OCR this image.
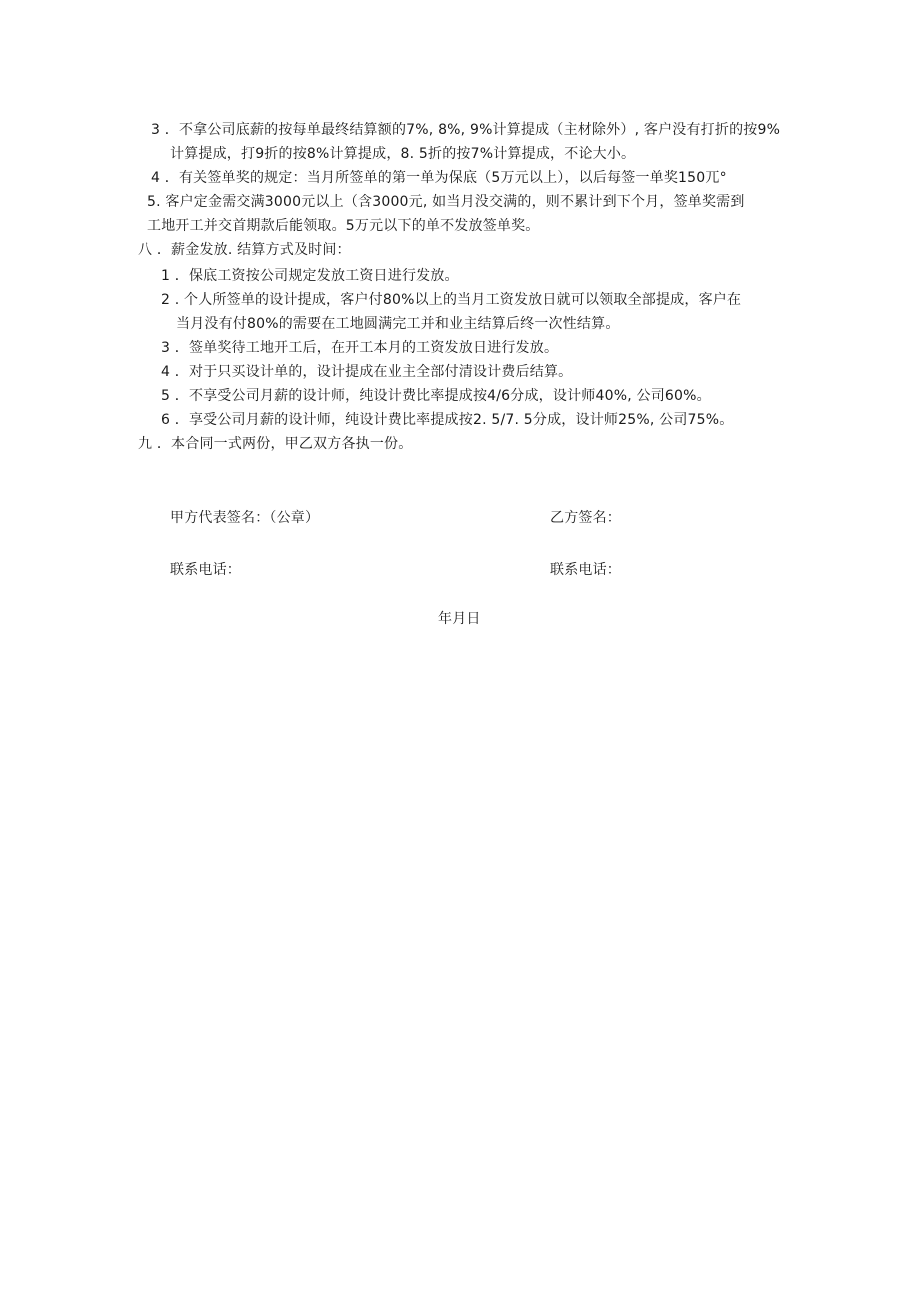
3 ．不拿公司底薪的按每单最终结算额的7%, 8%, 9%计算提成（主材除外）, 客户没有打折的按9%
计算提成，打9折的按8%计算提成，8. 5折的按7%计算提成，不论大小。
4 ．有关签单奖的规定：当月所签单的第一单为保底（5万元以上），以后每签一单奖150兀°
5. 客户定金需交满3000元以上（含3000元, 如当月没交满的，则不累计到下个月，签单奖需到
工地开工并交首期款后能领取。5万元以下的单不发放签单奖。
八 ．薪金发放. 结算方式及时间：
1 ．保底工资按公司规定发放工资日进行发放。
2 . 个人所签单的设计提成，客户付80%以上的当月工资发放日就可以领取全部提成，客户在
当月没有付80%的需要在工地圆满完工并和业主结算后终一次性结算。
3 ．签单奖待工地开工后，在开工本月的工资发放日进行发放。
4 ．对于只买设计单的，设计提成在业主全部付清设计费后结算。
5 ．不享受公司月薪的设计师，纯设计费比率提成按4/6分成，设计师40%, 公司60%。
6 ．享受公司月薪的设计师，纯设计费比率提成按2. 5/7. 5分成，设计师25%, 公司75%。
九 ．本合同一式两份，甲乙双方各执一份。
甲方代表签名：（公章）	乙方签名：
联系电话：	联系电话：
年月日
